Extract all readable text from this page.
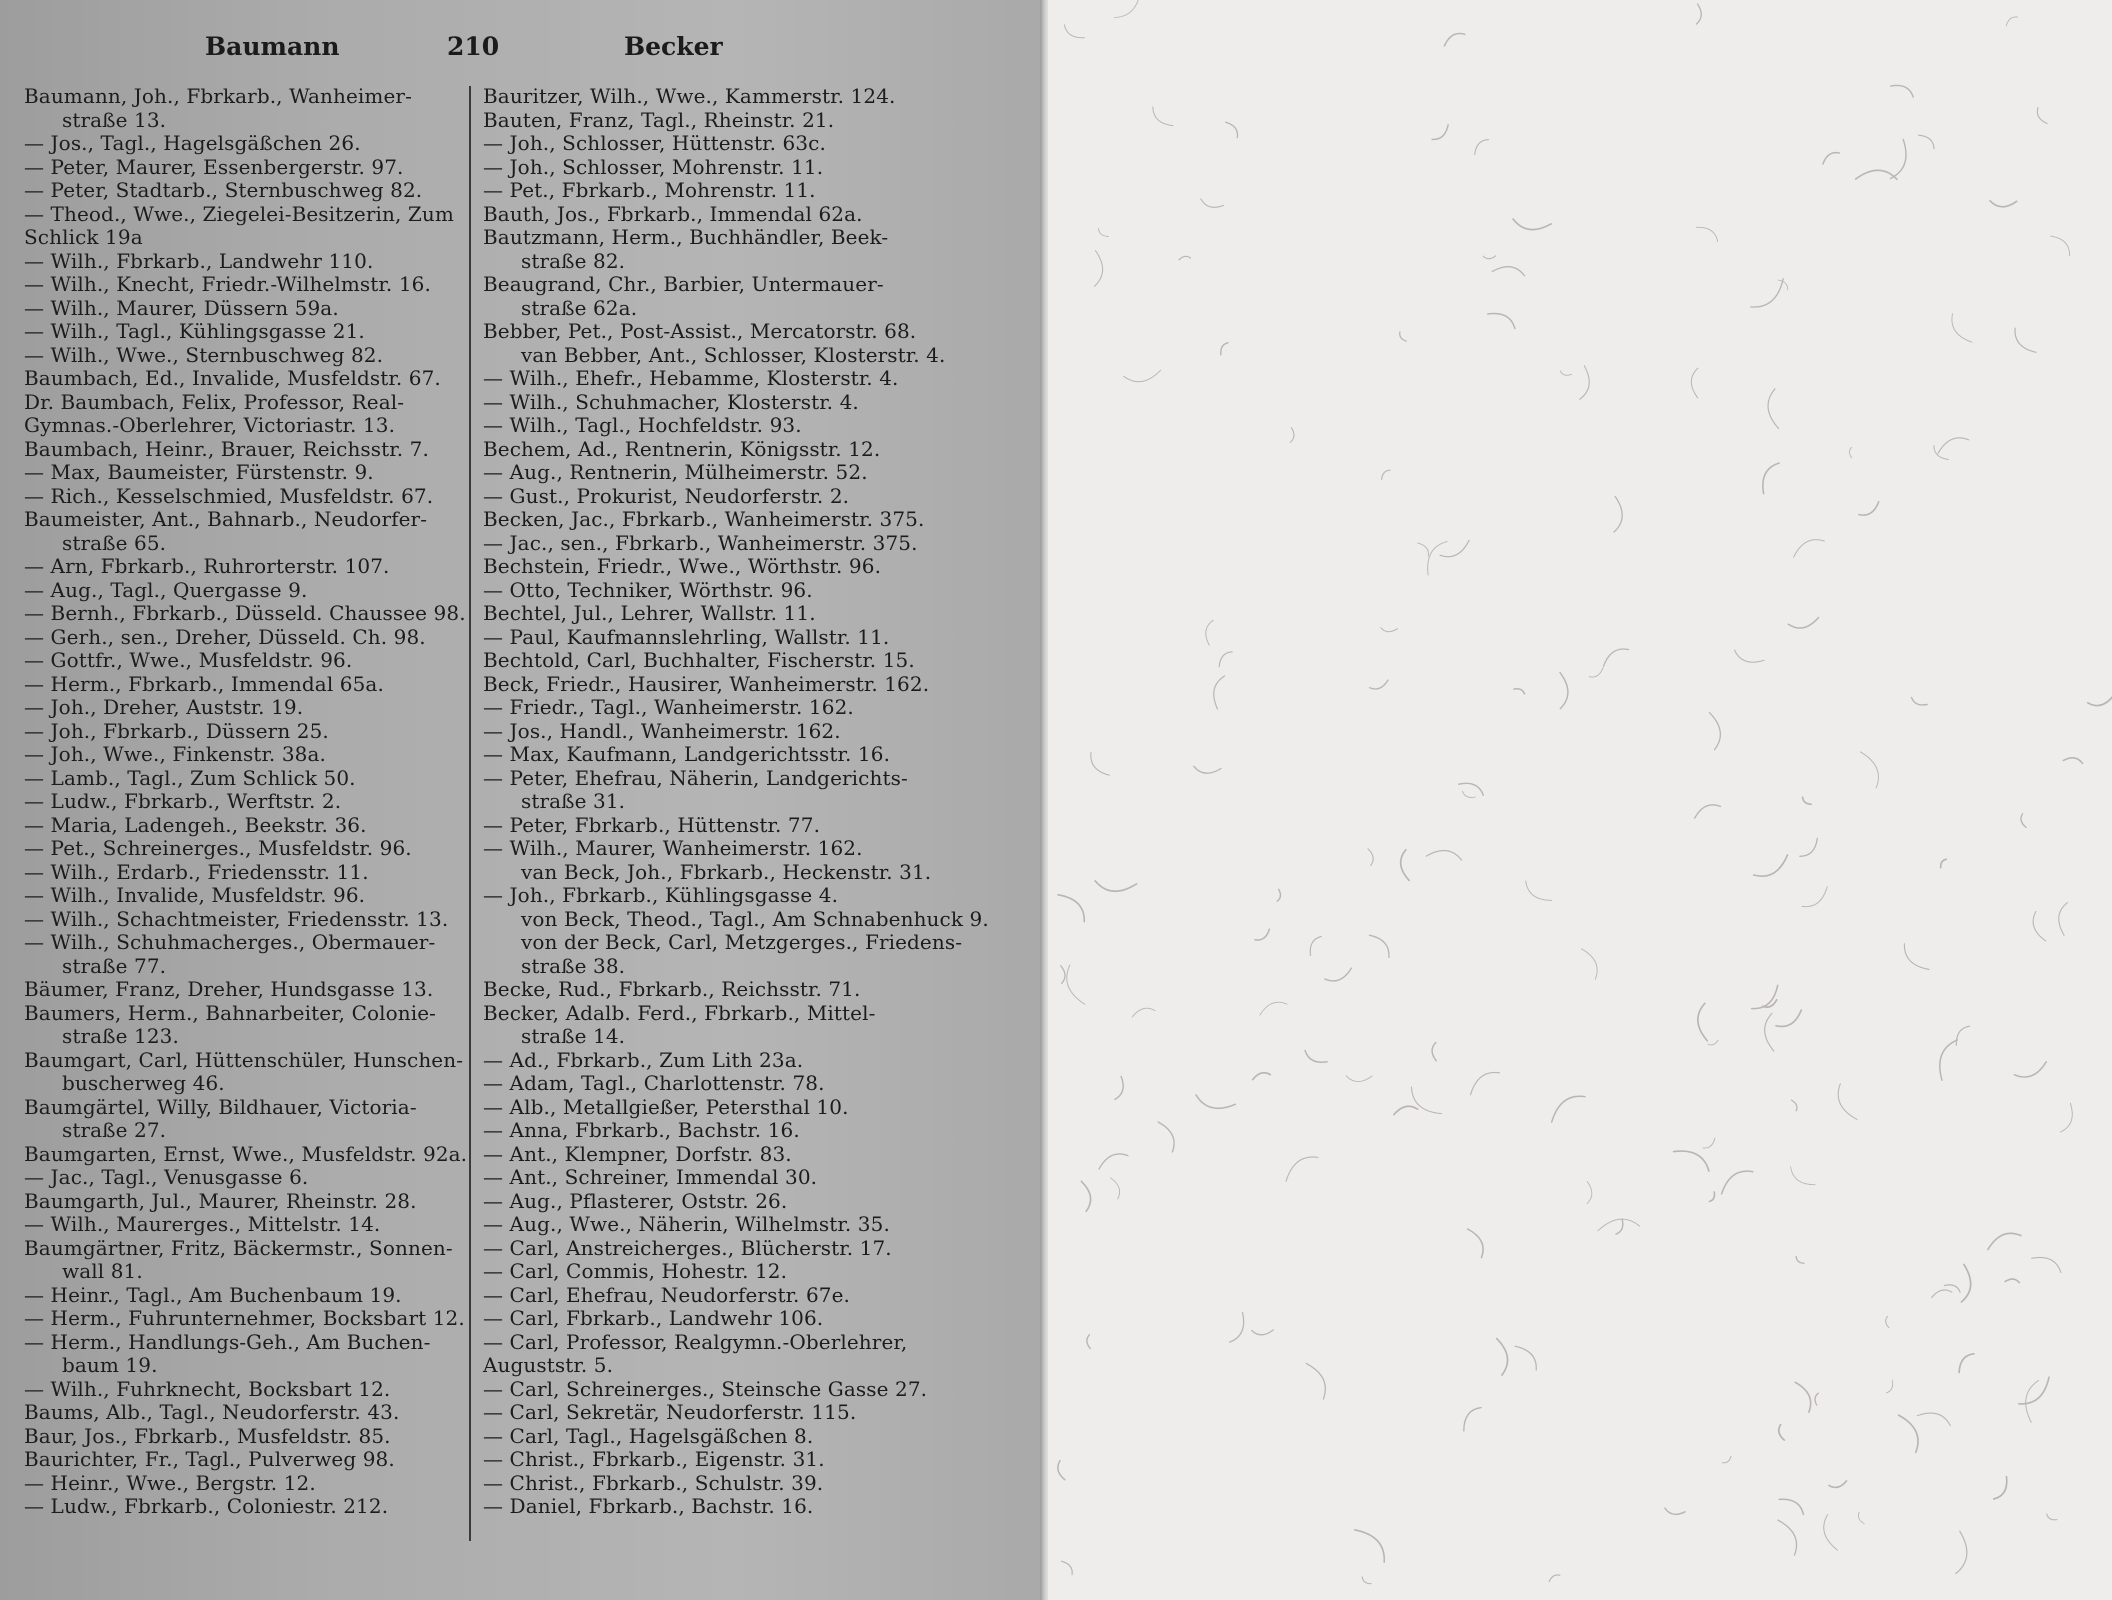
Baumann	210	Becker
Baumann, Joh., Fbrkarb., Wanheimer-
straße 13.
— Jos., Tagl., Hagelsgäßchen 26.
— Peter, Maurer, Essenbergerstr. 97.
— Peter, Stadtarb., Sternbuschweg 82.
— Theod., Wwe., Ziegelei-Besitzerin, Zum
Schlick 19a
— Wilh., Fbrkarb., Landwehr 110.
— Wilh., Knecht, Friedr.-Wilhelmstr. 16.
— Wilh., Maurer, Düssern 59a.
— Wilh., Tagl., Kühlingsgasse 21.
— Wilh., Wwe., Sternbuschweg 82.
Baumbach, Ed., Invalide, Musfeldstr. 67.
Dr. Baumbach, Felix, Professor, Real-
Gymnas.-Oberlehrer, Victoriastr. 13.
Baumbach, Heinr., Brauer, Reichsstr. 7.
— Max, Baumeister, Fürstenstr. 9.
— Rich., Kesselschmied, Musfeldstr. 67.
Baumeister, Ant., Bahnarb., Neudorfer-
straße 65.
— Arn, Fbrkarb., Ruhrorterstr. 107.
— Aug., Tagl., Quergasse 9.
— Bernh., Fbrkarb., Düsseld. Chaussee 98.
— Gerh., sen., Dreher, Düsseld. Ch. 98.
— Gottfr., Wwe., Musfeldstr. 96.
— Herm., Fbrkarb., Immendal 65a.
— Joh., Dreher, Auststr. 19.
— Joh., Fbrkarb., Düssern 25.
— Joh., Wwe., Finkenstr. 38a.
— Lamb., Tagl., Zum Schlick 50.
— Ludw., Fbrkarb., Werftstr. 2.
— Maria, Ladengeh., Beekstr. 36.
— Pet., Schreinerges., Musfeldstr. 96.
— Wilh., Erdarb., Friedensstr. 11.
— Wilh., Invalide, Musfeldstr. 96.
— Wilh., Schachtmeister, Friedensstr. 13.
— Wilh., Schuhmacherges., Obermauer-
straße 77.
Bäumer, Franz, Dreher, Hundsgasse 13.
Baumers, Herm., Bahnarbeiter, Colonie-
straße 123.
Baumgart, Carl, Hüttenschüler, Hunschen-
buscherweg 46.
Baumgärtel, Willy, Bildhauer, Victoria-
straße 27.
Baumgarten, Ernst, Wwe., Musfeldstr. 92a.
— Jac., Tagl., Venusgasse 6.
Baumgarth, Jul., Maurer, Rheinstr. 28.
— Wilh., Maurerges., Mittelstr. 14.
Baumgärtner, Fritz, Bäckermstr., Sonnen-
wall 81.
— Heinr., Tagl., Am Buchenbaum 19.
— Herm., Fuhrunternehmer, Bocksbart 12.
— Herm., Handlungs-Geh., Am Buchen-
baum 19.
— Wilh., Fuhrknecht, Bocksbart 12.
Baums, Alb., Tagl., Neudorferstr. 43.
Baur, Jos., Fbrkarb., Musfeldstr. 85.
Baurichter, Fr., Tagl., Pulverweg 98.
— Heinr., Wwe., Bergstr. 12.
— Ludw., Fbrkarb., Coloniestr. 212.
Bauritzer, Wilh., Wwe., Kammerstr. 124.
Bauten, Franz, Tagl., Rheinstr. 21.
— Joh., Schlosser, Hüttenstr. 63c.
— Joh., Schlosser, Mohrenstr. 11.
— Pet., Fbrkarb., Mohrenstr. 11.
Bauth, Jos., Fbrkarb., Immendal 62a.
Bautzmann, Herm., Buchhändler, Beek-
straße 82.
Beaugrand, Chr., Barbier, Untermauer-
straße 62a.
Bebber, Pet., Post-Assist., Mercatorstr. 68.
van Bebber, Ant., Schlosser, Klosterstr. 4.
— Wilh., Ehefr., Hebamme, Klosterstr. 4.
— Wilh., Schuhmacher, Klosterstr. 4.
— Wilh., Tagl., Hochfeldstr. 93.
Bechem, Ad., Rentnerin, Königsstr. 12.
— Aug., Rentnerin, Mülheimerstr. 52.
— Gust., Prokurist, Neudorferstr. 2.
Becken, Jac., Fbrkarb., Wanheimerstr. 375.
— Jac., sen., Fbrkarb., Wanheimerstr. 375.
Bechstein, Friedr., Wwe., Wörthstr. 96.
— Otto, Techniker, Wörthstr. 96.
Bechtel, Jul., Lehrer, Wallstr. 11.
— Paul, Kaufmannslehrling, Wallstr. 11.
Bechtold, Carl, Buchhalter, Fischerstr. 15.
Beck, Friedr., Hausirer, Wanheimerstr. 162.
— Friedr., Tagl., Wanheimerstr. 162.
— Jos., Handl., Wanheimerstr. 162.
— Max, Kaufmann, Landgerichtsstr. 16.
— Peter, Ehefrau, Näherin, Landgerichts-
straße 31.
— Peter, Fbrkarb., Hüttenstr. 77.
— Wilh., Maurer, Wanheimerstr. 162.
van Beck, Joh., Fbrkarb., Heckenstr. 31.
— Joh., Fbrkarb., Kühlingsgasse 4.
von Beck, Theod., Tagl., Am Schnabenhuck 9.
von der Beck, Carl, Metzgerges., Friedens-
straße 38.
Becke, Rud., Fbrkarb., Reichsstr. 71.
Becker, Adalb. Ferd., Fbrkarb., Mittel-
straße 14.
— Ad., Fbrkarb., Zum Lith 23a.
— Adam, Tagl., Charlottenstr. 78.
— Alb., Metallgießer, Petersthal 10.
— Anna, Fbrkarb., Bachstr. 16.
— Ant., Klempner, Dorfstr. 83.
— Ant., Schreiner, Immendal 30.
— Aug., Pflasterer, Oststr. 26.
— Aug., Wwe., Näherin, Wilhelmstr. 35.
— Carl, Anstreicherges., Blücherstr. 17.
— Carl, Commis, Hohestr. 12.
— Carl, Ehefrau, Neudorferstr. 67e.
— Carl, Fbrkarb., Landwehr 106.
— Carl, Professor, Realgymn.-Oberlehrer,
Auguststr. 5.
— Carl, Schreinerges., Steinsche Gasse 27.
— Carl, Sekretär, Neudorferstr. 115.
— Carl, Tagl., Hagelsgäßchen 8.
— Christ., Fbrkarb., Eigenstr. 31.
— Christ., Fbrkarb., Schulstr. 39.
— Daniel, Fbrkarb., Bachstr. 16.
